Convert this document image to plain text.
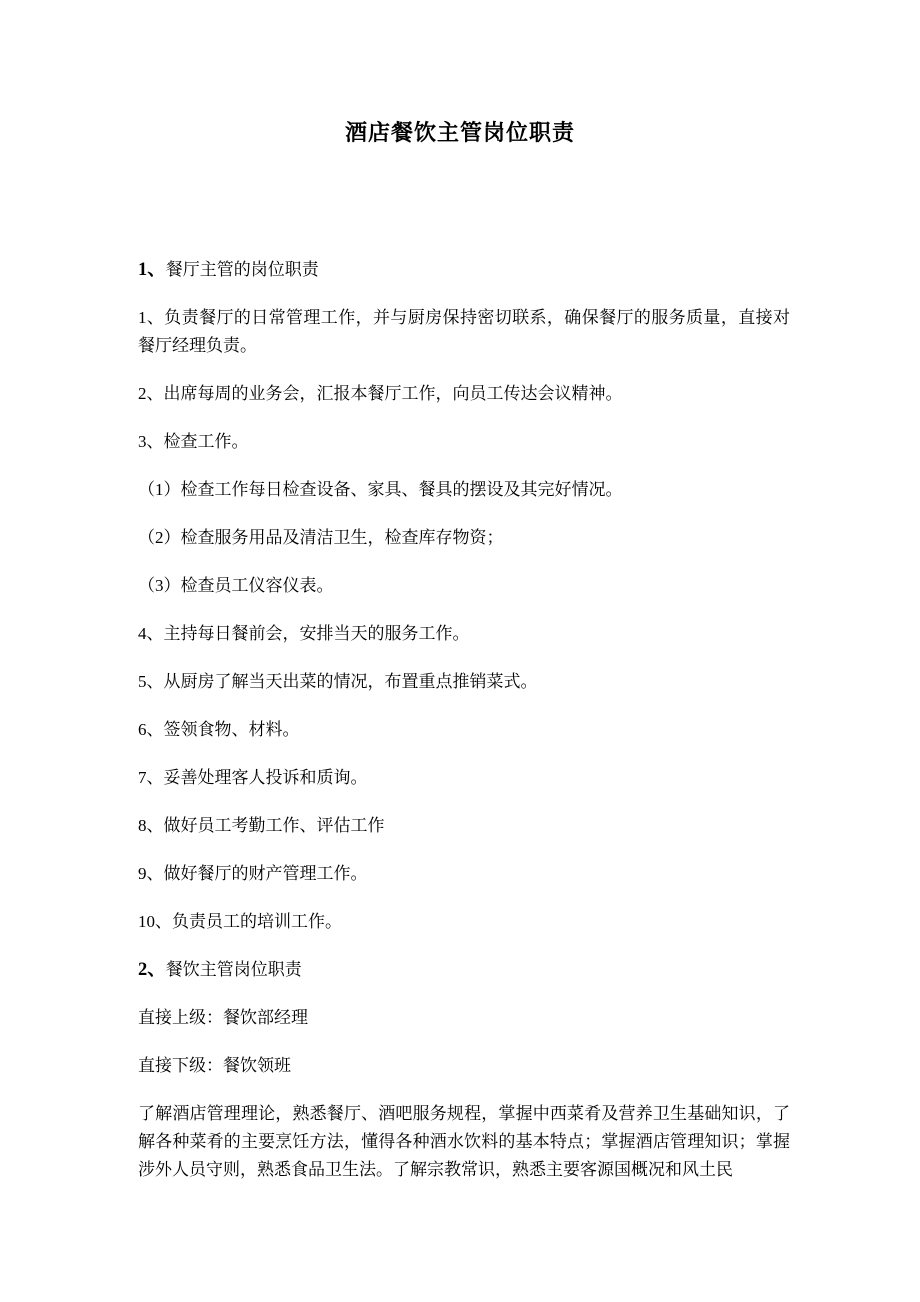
酒店餐饮主管岗位职责
1、餐厅主管的岗位职责
1、负责餐厅的日常管理工作，并与厨房保持密切联系，确保餐厅的服务质量，直接对餐厅经理负责。
2、出席每周的业务会，汇报本餐厅工作，向员工传达会议精神。
3、检查工作。
（1）检查工作每日检查设备、家具、餐具的摆设及其完好情况。
（2）检查服务用品及清洁卫生，检查库存物资；
（3）检查员工仪容仪表。
4、主持每日餐前会，安排当天的服务工作。
5、从厨房了解当天出菜的情况，布置重点推销菜式。
6、签领食物、材料。
7、妥善处理客人投诉和质询。
8、做好员工考勤工作、评估工作
9、做好餐厅的财产管理工作。
10、负责员工的培训工作。
2、餐饮主管岗位职责
直接上级：餐饮部经理
直接下级：餐饮领班
了解酒店管理理论，熟悉餐厅、酒吧服务规程，掌握中西菜肴及营养卫生基础知识，了解各种菜肴的主要烹饪方法，懂得各种酒水饮料的基本特点；掌握酒店管理知识；掌握涉外人员守则，熟悉食品卫生法。了解宗教常识，熟悉主要客源国概况和风土民
